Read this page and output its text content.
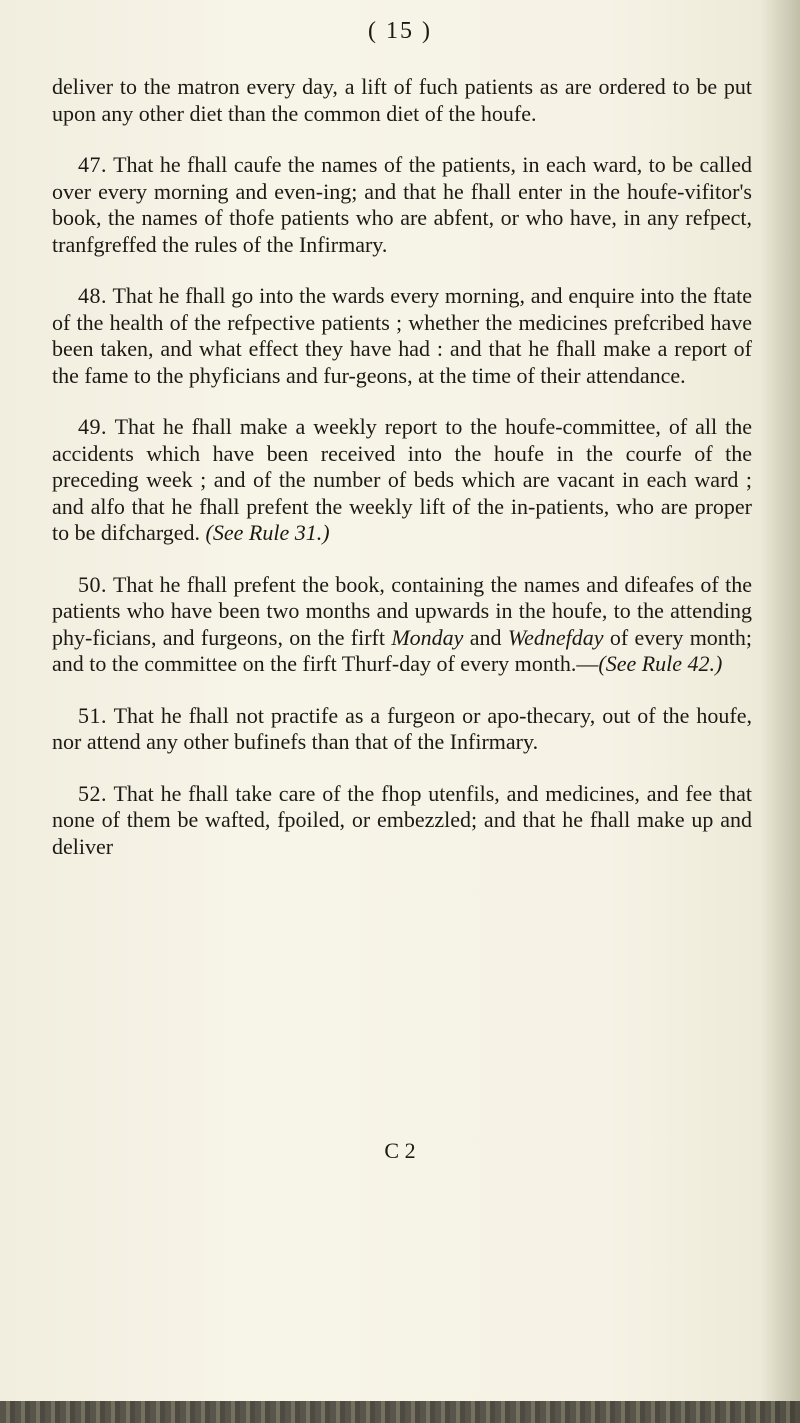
( 15 )

deliver to the matron every day, a lift of fuch patients as are ordered to be put upon any other diet than the common diet of the houfe.

47. That he fhall caufe the names of the patients, in each ward, to be called over every morning and even-ing; and that he fhall enter in the houfe-vifitor's book, the names of thofe patients who are abfent, or who have, in any refpect, tranfgreffed the rules of the Infirmary.

48. That he fhall go into the wards every morning, and enquire into the ftate of the health of the refpective patients ; whether the medicines prefcribed have been taken, and what effect they have had : and that he fhall make a report of the fame to the phyficians and fur-geons, at the time of their attendance.

49. That he fhall make a weekly report to the houfe-committee, of all the accidents which have been received into the houfe in the courfe of the preceding week ; and of the number of beds which are vacant in each ward ; and alfo that he fhall prefent the weekly lift of the in-patients, who are proper to be difcharged. (See Rule 31.)

50. That he fhall prefent the book, containing the names and difeafes of the patients who have been two months and upwards in the houfe, to the attending phy-ficians, and furgeons, on the firft Monday and Wednefday of every month; and to the committee on the firft Thurf-day of every month.—(See Rule 42.)

51. That he fhall not practife as a furgeon or apo-thecary, out of the houfe, nor attend any other bufinefs than that of the Infirmary.

52. That he fhall take care of the fhop utenfils, and medicines, and fee that none of them be wafted, fpoiled, or embezzled; and that he fhall make up and deliver

C 2
